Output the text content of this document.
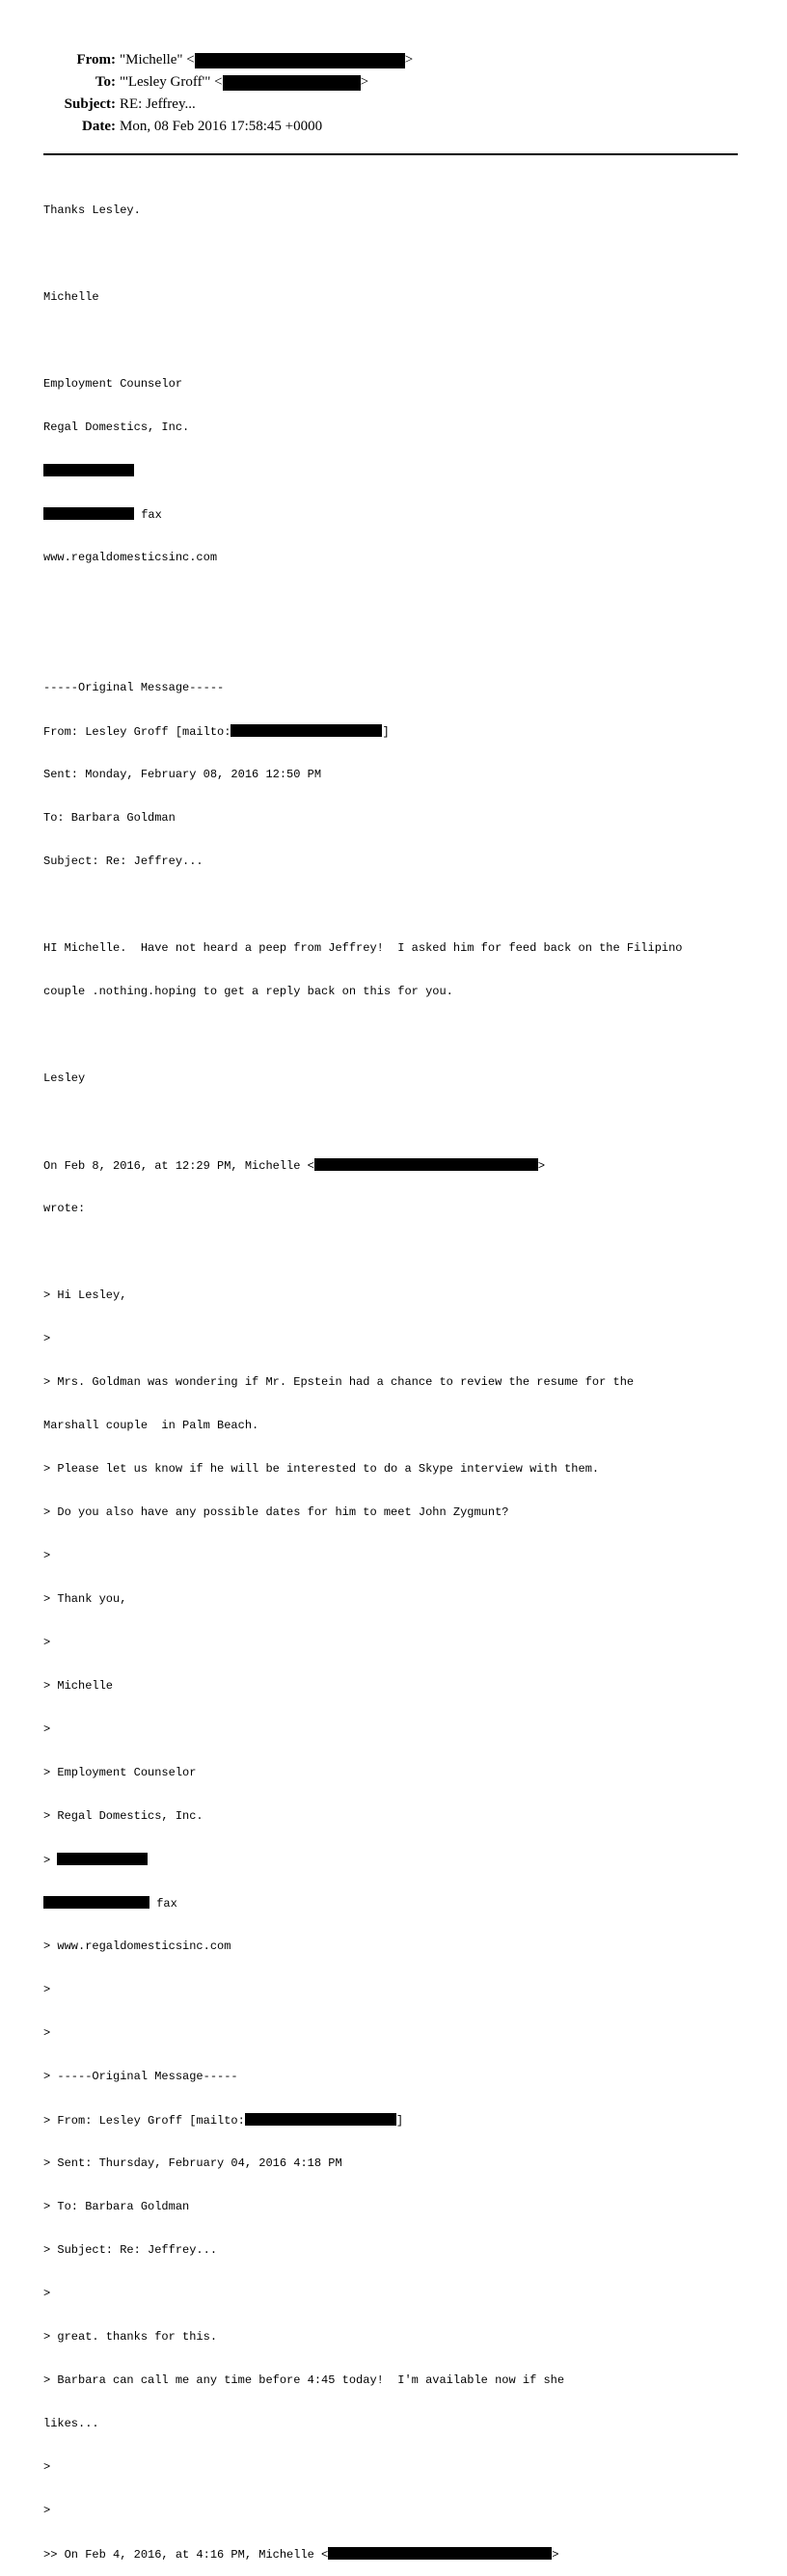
From: "Michelle" <	>
To: "'Lesley Groff'" <	>
Subject: RE: Jeffrey...
Date: Mon, 08 Feb 2016 17:58:45 +0000

Thanks Lesley.

Michelle

Employment Counselor

Regal Domestics, Inc.

fax

www.regaldomesticsinc.com

-----Original Message-----

From: Lesley Groff [mailto:	]

Sent: Monday, February 08, 2016 12:50 PM

To: Barbara Goldman

Subject: Re: Jeffrey...

HI Michelle.  Have not heard a peep from Jeffrey!  I asked him for feed back on the Filipino

couple .nothing.hoping to get a reply back on this for you.

Lesley

On Feb 8, 2016, at 12:29 PM, Michelle <	>

wrote:

> Hi Lesley,

>

> Mrs. Goldman was wondering if Mr. Epstein had a chance to review the resume for the

Marshall couple  in Palm Beach.

> Please let us know if he will be interested to do a Skype interview with them.

> Do you also have any possible dates for him to meet John Zygmunt?

>

> Thank you,

>

> Michelle

>

> Employment Counselor

> Regal Domestics, Inc.

>

fax

> www.regaldomesticsinc.com

>

>

> -----Original Message-----

> From: Lesley Groff [mailto:	]

> Sent: Thursday, February 04, 2016 4:18 PM

> To: Barbara Goldman

> Subject: Re: Jeffrey...

>

> great. thanks for this.

> Barbara can call me any time before 4:45 today!  I'm available now if she

likes...

>

>

>> On Feb 4, 2016, at 4:16 PM, Michelle <	>
